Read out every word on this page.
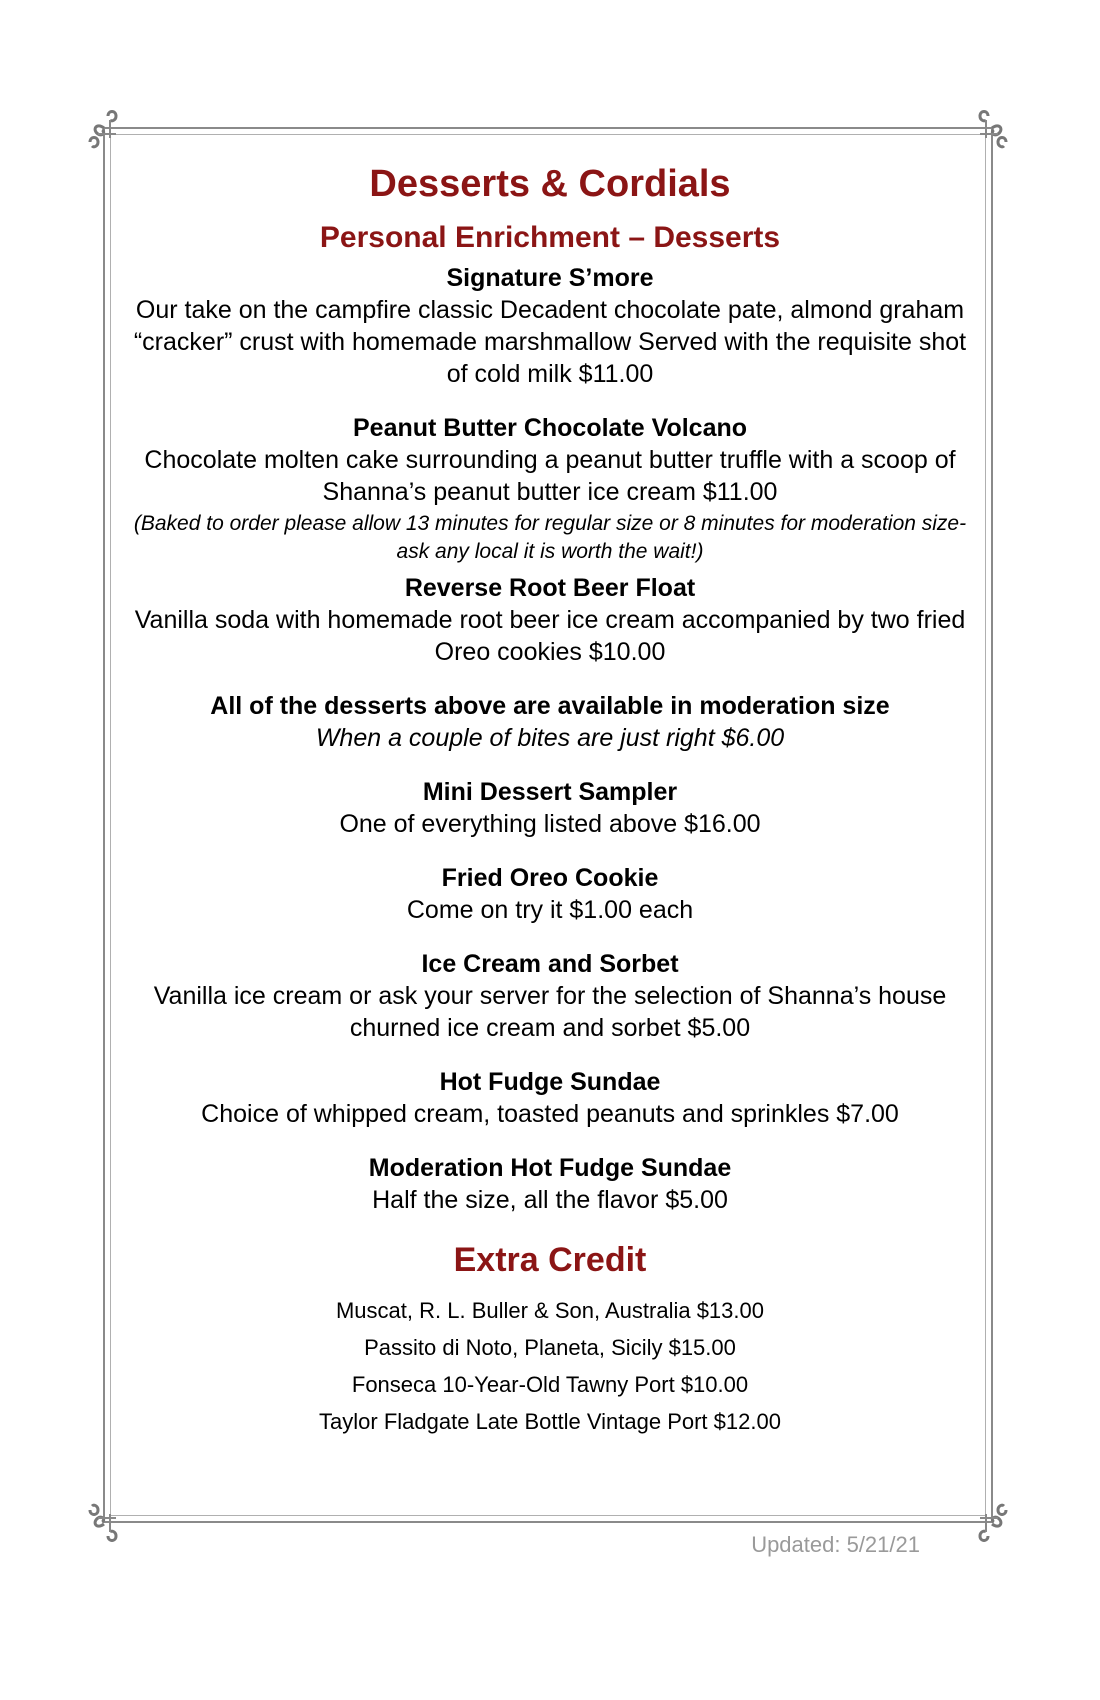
Desserts & Cordials
Personal Enrichment – Desserts
Signature S’more
Our take on the campfire classic Decadent chocolate pate, almond graham “cracker” crust with homemade marshmallow Served with the requisite shot of cold milk $11.00
Peanut Butter Chocolate Volcano
Chocolate molten cake surrounding a peanut butter truffle with a scoop of Shanna’s peanut butter ice cream $11.00
(Baked to order please allow 13 minutes for regular size or 8 minutes for moderation size- ask any local it is worth the wait!)
Reverse Root Beer Float
Vanilla soda with homemade root beer ice cream accompanied by two fried Oreo cookies $10.00
All of the desserts above are available in moderation size
When a couple of bites are just right $6.00
Mini Dessert Sampler
One of everything listed above $16.00
Fried Oreo Cookie
Come on try it $1.00 each
Ice Cream and Sorbet
Vanilla ice cream or ask your server for the selection of Shanna’s house churned ice cream and sorbet $5.00
Hot Fudge Sundae
Choice of whipped cream, toasted peanuts and sprinkles $7.00
Moderation Hot Fudge Sundae
Half the size, all the flavor $5.00
Extra Credit
Muscat, R. L. Buller & Son, Australia $13.00
Passito di Noto, Planeta, Sicily $15.00
Fonseca 10-Year-Old Tawny Port $10.00
Taylor Fladgate Late Bottle Vintage Port $12.00
Updated: 5/21/21
